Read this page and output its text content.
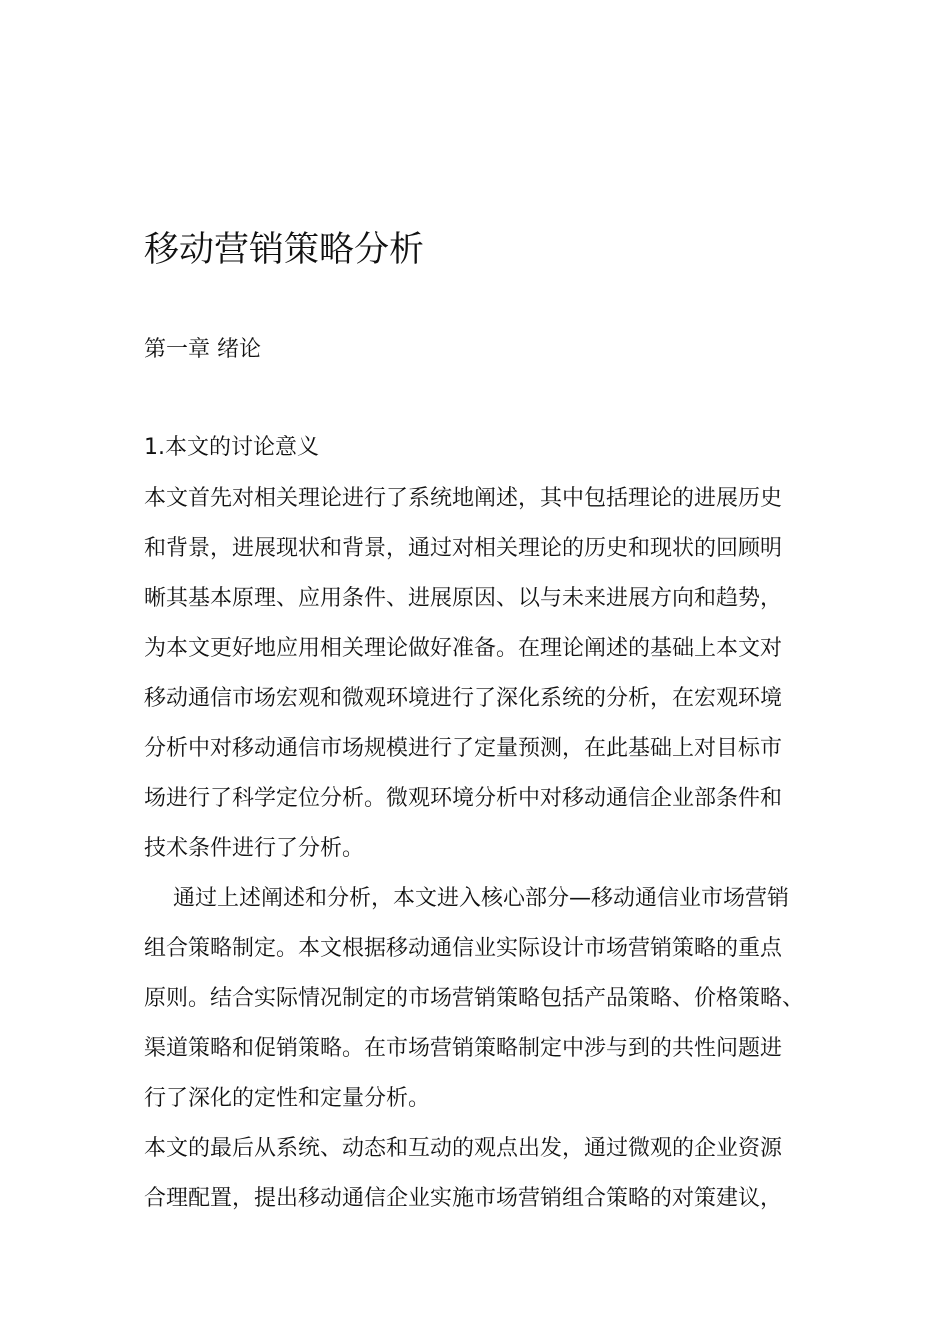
移动营销策略分析
第一章 绪论
1.本文的讨论意义
本文首先对相关理论进行了系统地阐述，其中包括理论的进展历史
和背景，进展现状和背景，通过对相关理论的历史和现状的回顾明
晰其基本原理、应用条件、进展原因、以与未来进展方向和趋势，
为本文更好地应用相关理论做好准备。在理论阐述的基础上本文对
移动通信市场宏观和微观环境进行了深化系统的分析，在宏观环境
分析中对移动通信市场规模进行了定量预测，在此基础上对目标市
场进行了科学定位分析。微观环境分析中对移动通信企业部条件和
技术条件进行了分析。
通过上述阐述和分析，本文进入核心部分—移动通信业市场营销
组合策略制定。本文根据移动通信业实际设计市场营销策略的重点
原则。结合实际情况制定的市场营销策略包括产品策略、价格策略、
渠道策略和促销策略。在市场营销策略制定中涉与到的共性问题进
行了深化的定性和定量分析。
本文的最后从系统、动态和互动的观点出发，通过微观的企业资源
合理配置，提出移动通信企业实施市场营销组合策略的对策建议，
